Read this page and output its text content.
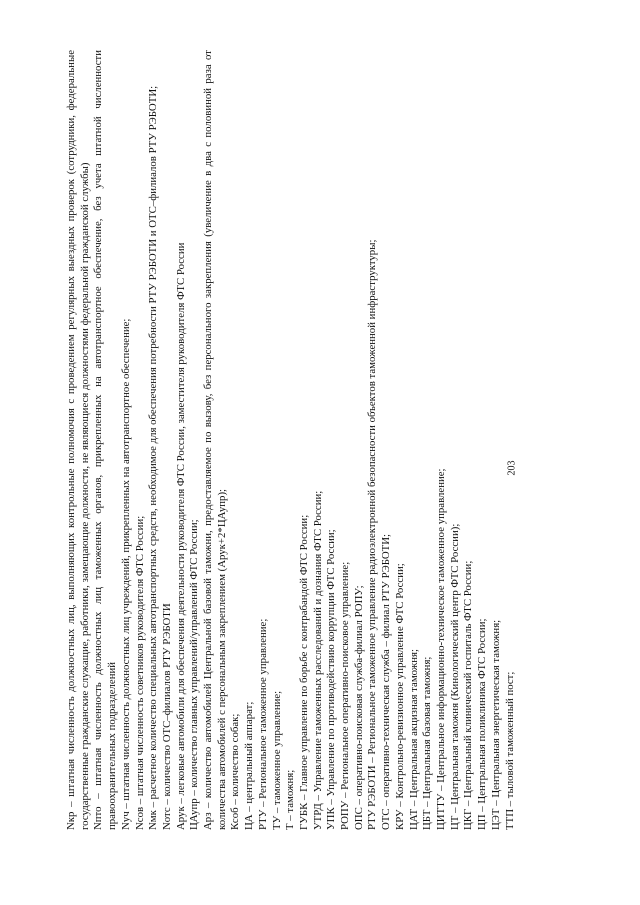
203

Nкр – штатная численность должностных лиц, выполняющих контрольные полномочия с проведением регулярных выездных проверок (сотрудники, федеральные государственные гражданские служащие, работники, замещающие должности, не являющиеся должностями федеральной гражданской службы) Nпто – штатная численность должностных лиц таможенных органов, прикрепленных на автотранспортное обеспечение, без учета штатной численности правоохранительных подразделений Nуч – штатная численность должностных лиц учреждений, прикрепленных на автотранспортное обеспечение; Nсов – штатная численность советников руководителя ФТС России; Nмк – расчетное количество специальных автотранспортных средств, необходимое для обеспечения потребности РТУ РЭБОТИ и ОТС–филиалов РТУ РЭБОТИ; Nотс – количество ОТС–филиалов РТУ РЭБОТИ Арук – легковые автомобили для обеспечения деятельности руководителя ФТС России, заместителя руководителя ФТС России ЦАупр – количество главных управлений/управлений ФТС России; Арз – количество автомобилей Центральной базовой таможни, предоставляемое по вызову, без персонального закрепления (увеличение в два с половиной раза от количества автомобилей с персональным закреплением (Арук+2*ЦАупр); Ксоб – количество собак; ЦА – центральный аппарат; РТУ – Региональное таможенное управление; ТУ – таможенное управление; Т – таможня; ГУБК – Главное управление по борьбе с контрабандой ФТС России; УТРД – Управление таможенных расследований и дознания ФТС России; УПК – Управление по противодействию коррупции ФТС России; РОПУ – Региональное оперативно-поисковое управление; ОПС – оперативно-поисковая служба-филиал РОПУ; РТУ РЭБОТИ – Региональное таможенное управление радиоэлектронной безопасности объектов таможенной инфраструктуры; ОТС – оперативно-техническая служба – филиал РТУ РЭБОТИ; КРУ – Контрольно-ревизионное управление ФТС России; ЦАТ – Центральная акцизная таможня; ЦБТ – Центральная базовая таможня; ЦИТТУ – Центральное информационно-техническое таможенное управление; ЦТ – Центральная таможня (Кинологический центр ФТС России); ЦКГ – Центральный клинический госпиталь ФТС России; ЦП – Центральная поликлиника ФТС России; ЦЭТ – Центральная энергетическая таможня; ТТП – тыловой таможенный пост;
